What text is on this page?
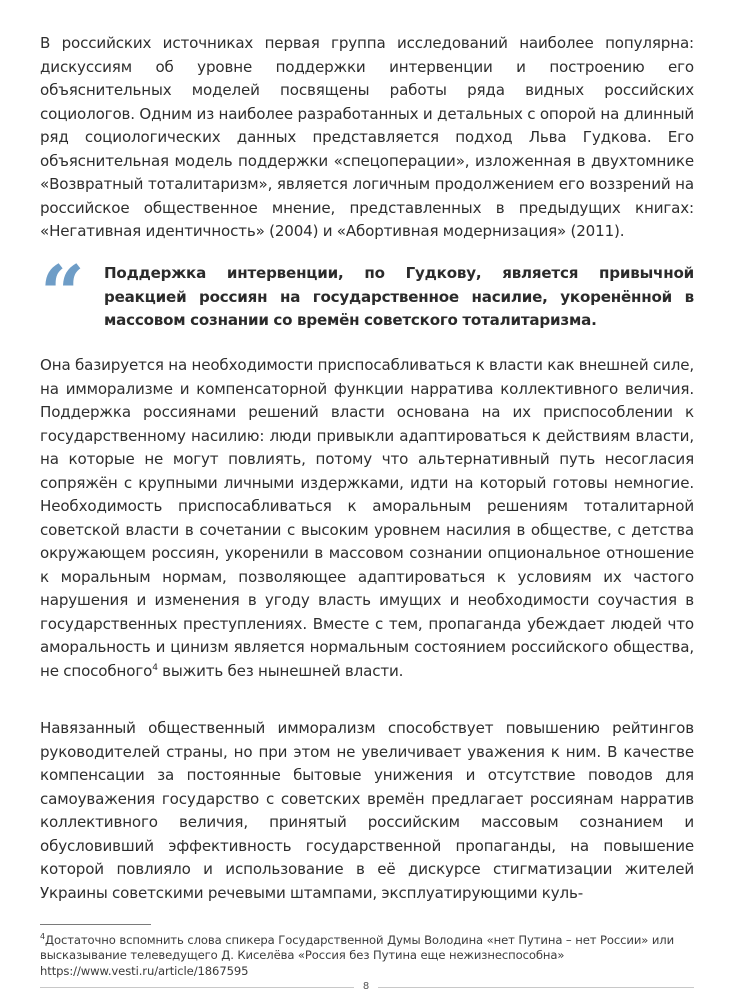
В российских источниках первая группа исследований наиболее популярна: дискуссиям об уровне поддержки интервенции и построению его объяснительных моделей посвящены работы ряда видных российских социологов. Одним из наиболее разработанных и детальных с опорой на длинный ряд социологических данных представляется подход Льва Гудкова. Его объяснительная модель поддержки «спецоперации», изложенная в двухтомнике «Возвратный тоталитаризм», является логичным продолжением его воззрений на российское общественное мнение, представленных в предыдущих книгах: «Негативная идентичность» (2004) и «Абортивная модернизация» (2011).

“ Поддержка интервенции, по Гудкову, является привычной реакцией россиян на государственное насилие, укоренённой в массовом сознании со времён советского тоталитаризма.

Она базируется на необходимости приспосабливаться к власти как внешней силе, на имморализме и компенсаторной функции нарратива коллективного величия. Поддержка россиянами решений власти основана на их приспособлении к государственному насилию: люди привыкли адаптироваться к действиям власти, на которые не могут повлиять, потому что альтернативный путь несогласия сопряжён с крупными личными издержками, идти на который готовы немногие. Необходимость приспосабливаться к аморальным решениям тоталитарной советской власти в сочетании с высоким уровнем насилия в обществе, с детства окружающем россиян, укоренили в массовом сознании опциональное отношение к моральным нормам, позволяющее адаптироваться к условиям их частого нарушения и изменения в угоду власть имущих и необходимости соучастия в государственных преступлениях. Вместе с тем, пропаганда убеждает людей что аморальность и цинизм является нормальным состоянием российского общества, не способного$^4$ выжить без нынешней власти.

Навязанный общественный имморализм способствует повышению рейтингов руководителей страны, но при этом не увеличивает уважения к ним. В качестве компенсации за постоянные бытовые унижения и отсутствие поводов для самоуважения государство с советских времён предлагает россиянам нарратив коллективного величия, принятый российским массовым сознанием и обусловивший эффективность государственной пропаганды, на повышение которой повлияло и использование в её дискурсе стигматизации жителей Украины советскими речевыми штампами, эксплуатирующими куль-

$^4$Достаточно вспомнить слова спикера Государственной Думы Володина «нет Путина – нет России» или высказывание телеведущего Д. Киселёва «Россия без Путина еще нежизнеспособна»
https://www.vesti.ru/article/1867595
8
